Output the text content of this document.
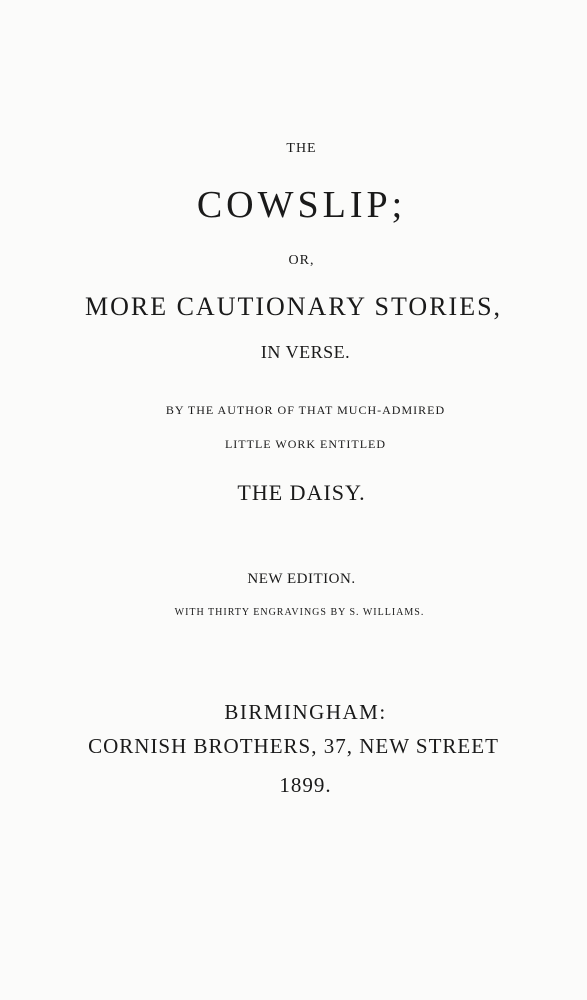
THE
COWSLIP;
OR,
MORE CAUTIONARY STORIES,
IN VERSE.
BY THE AUTHOR OF THAT MUCH-ADMIRED
LITTLE WORK ENTITLED
THE DAISY.
NEW EDITION.
WITH THIRTY ENGRAVINGS BY S. WILLIAMS.
BIRMINGHAM:
CORNISH BROTHERS, 37, NEW STREET
1899.
